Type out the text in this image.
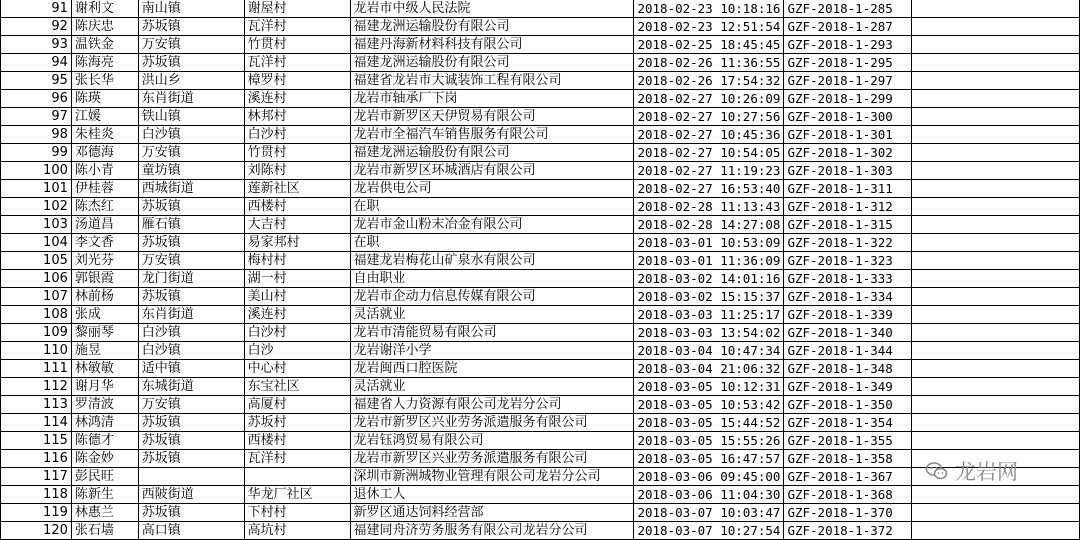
91	谢利文	南山镇	谢屋村	龙岩市中级人民法院	2018-02-23 10:18:16	GZF-2018-1-285	
92	陈庆忠	苏坂镇	瓦洋村	福建龙洲运输股份有限公司	2018-02-23 12:51:54	GZF-2018-1-287	
93	温铁金	万安镇	竹贯村	福建丹海新材料科技有限公司	2018-02-25 18:45:45	GZF-2018-1-293	
94	陈海亮	苏坂镇	瓦洋村	福建龙洲运输股份有限公司	2018-02-26 11:36:55	GZF-2018-1-295	
95	张长华	洪山乡	樟罗村	福建省龙岩市大诚装饰工程有限公司	2018-02-26 17:54:32	GZF-2018-1-297	
96	陈瑛	东肖街道	溪连村	龙岩市轴承厂下岗	2018-02-27 10:26:09	GZF-2018-1-299	
97	江媛	铁山镇	林邦村	龙岩市新罗区天伊贸易有限公司	2018-02-27 10:27:56	GZF-2018-1-300	
98	朱桂炎	白沙镇	白沙村	龙岩市全福汽车销售服务有限公司	2018-02-27 10:45:36	GZF-2018-1-301	
99	邓德海	万安镇	竹贯村	福建龙洲运输股份有限公司	2018-02-27 10:54:05	GZF-2018-1-302	
100	陈小青	童坊镇	刘陈村	龙岩市新罗区环城酒店有限公司	2018-02-27 11:19:23	GZF-2018-1-303	
101	伊桂蓉	西城街道	莲新社区	龙岩供电公司	2018-02-27 16:53:40	GZF-2018-1-311	
102	陈杰红	苏坂镇	西楼村	在职	2018-02-28 11:13:43	GZF-2018-1-312	
103	汤道昌	雁石镇	大吉村	龙岩市金山粉末冶金有限公司	2018-02-28 14:27:08	GZF-2018-1-315	
104	李文香	苏坂镇	易家邦村	在职	2018-03-01 10:53:09	GZF-2018-1-322	
105	刘光芬	万安镇	梅村村	福建龙岩梅花山矿泉水有限公司	2018-03-01 11:36:09	GZF-2018-1-323	
106	郭银霞	龙门街道	湖一村	自由职业	2018-03-02 14:01:16	GZF-2018-1-333	
107	林前杨	苏坂镇	美山村	龙岩市企动力信息传媒有限公司	2018-03-02 15:15:37	GZF-2018-1-334	
108	张成	东肖街道	溪连村	灵活就业	2018-03-03 11:25:17	GZF-2018-1-339	
109	黎丽琴	白沙镇	白沙村	龙岩市清能贸易有限公司	2018-03-03 13:54:02	GZF-2018-1-340	
110	施昱	白沙镇	白沙	龙岩谢洋小学	2018-03-04 10:47:34	GZF-2018-1-344	
111	林敏敏	适中镇	中心村	龙岩闽西口腔医院	2018-03-04 21:06:32	GZF-2018-1-348	
112	谢月华	东城街道	东宝社区	灵活就业	2018-03-05 10:12:31	GZF-2018-1-349	
113	罗清波	万安镇	高厦村	福建省人力资源有限公司龙岩分公司	2018-03-05 10:53:42	GZF-2018-1-350	
114	林鸿清	苏坂镇	苏坂村	龙岩市新罗区兴业劳务派遣服务有限公司	2018-03-05 15:44:52	GZF-2018-1-354	
115	陈德才	苏坂镇	西楼村	龙岩钰鸿贸易有限公司	2018-03-05 15:55:26	GZF-2018-1-355	
116	陈金妙	苏坂镇	瓦洋村	龙岩市新罗区兴业劳务派遣服务有限公司	2018-03-05 16:47:57	GZF-2018-1-358	
117	彭民旺			深圳市新洲城物业管理有限公司龙岩分公司	2018-03-06 09:45:00	GZF-2018-1-367	
118	陈新生	西陂街道	华龙厂社区	退休工人	2018-03-06 11:04:30	GZF-2018-1-368	
119	林惠兰	苏坂镇	下村村	新罗区通达饲料经营部	2018-03-07 10:03:47	GZF-2018-1-370	
120	张石墙	高口镇	高坑村	福建同舟济劳务服务有限公司龙岩分公司	2018-03-07 10:27:54	GZF-2018-1-372	
龙岩网
